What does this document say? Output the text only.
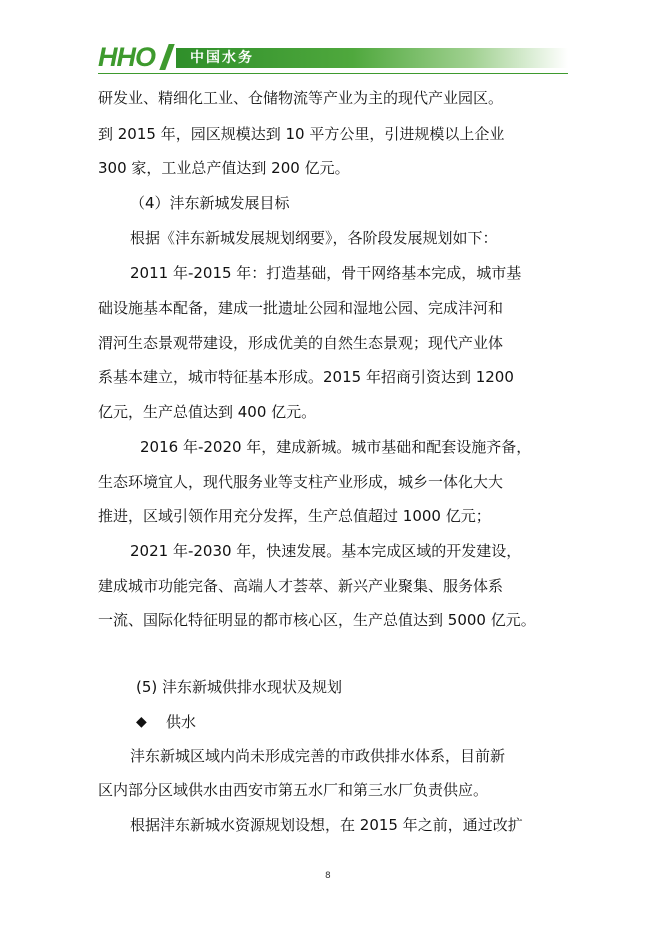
HHO	中国水务
研发业、精细化工业、仓储物流等产业为主的现代产业园区。
到 2015 年，园区规模达到 10 平方公里，引进规模以上企业
300 家，工业总产值达到 200 亿元。
（4）沣东新城发展目标
根据《沣东新城发展规划纲要》，各阶段发展规划如下：
2011 年-2015 年：打造基础，骨干网络基本完成，城市基
础设施基本配备，建成一批遗址公园和湿地公园、完成沣河和
渭河生态景观带建设，形成优美的自然生态景观；现代产业体
系基本建立，城市特征基本形成。2015 年招商引资达到 1200
亿元，生产总值达到 400 亿元。
2016 年-2020 年，建成新城。城市基础和配套设施齐备，
生态环境宜人，现代服务业等支柱产业形成，城乡一体化大大
推进，区域引领作用充分发挥，生产总值超过 1000 亿元；
2021 年-2030 年，快速发展。基本完成区域的开发建设，
建成城市功能完备、高端人才荟萃、新兴产业聚集、服务体系
一流、国际化特征明显的都市核心区，生产总值达到 5000 亿元。
(5) 沣东新城供排水现状及规划
◆ 供水
沣东新城区域内尚未形成完善的市政供排水体系，目前新
区内部分区域供水由西安市第五水厂和第三水厂负责供应。
根据沣东新城水资源规划设想，在 2015 年之前，通过改扩
8
